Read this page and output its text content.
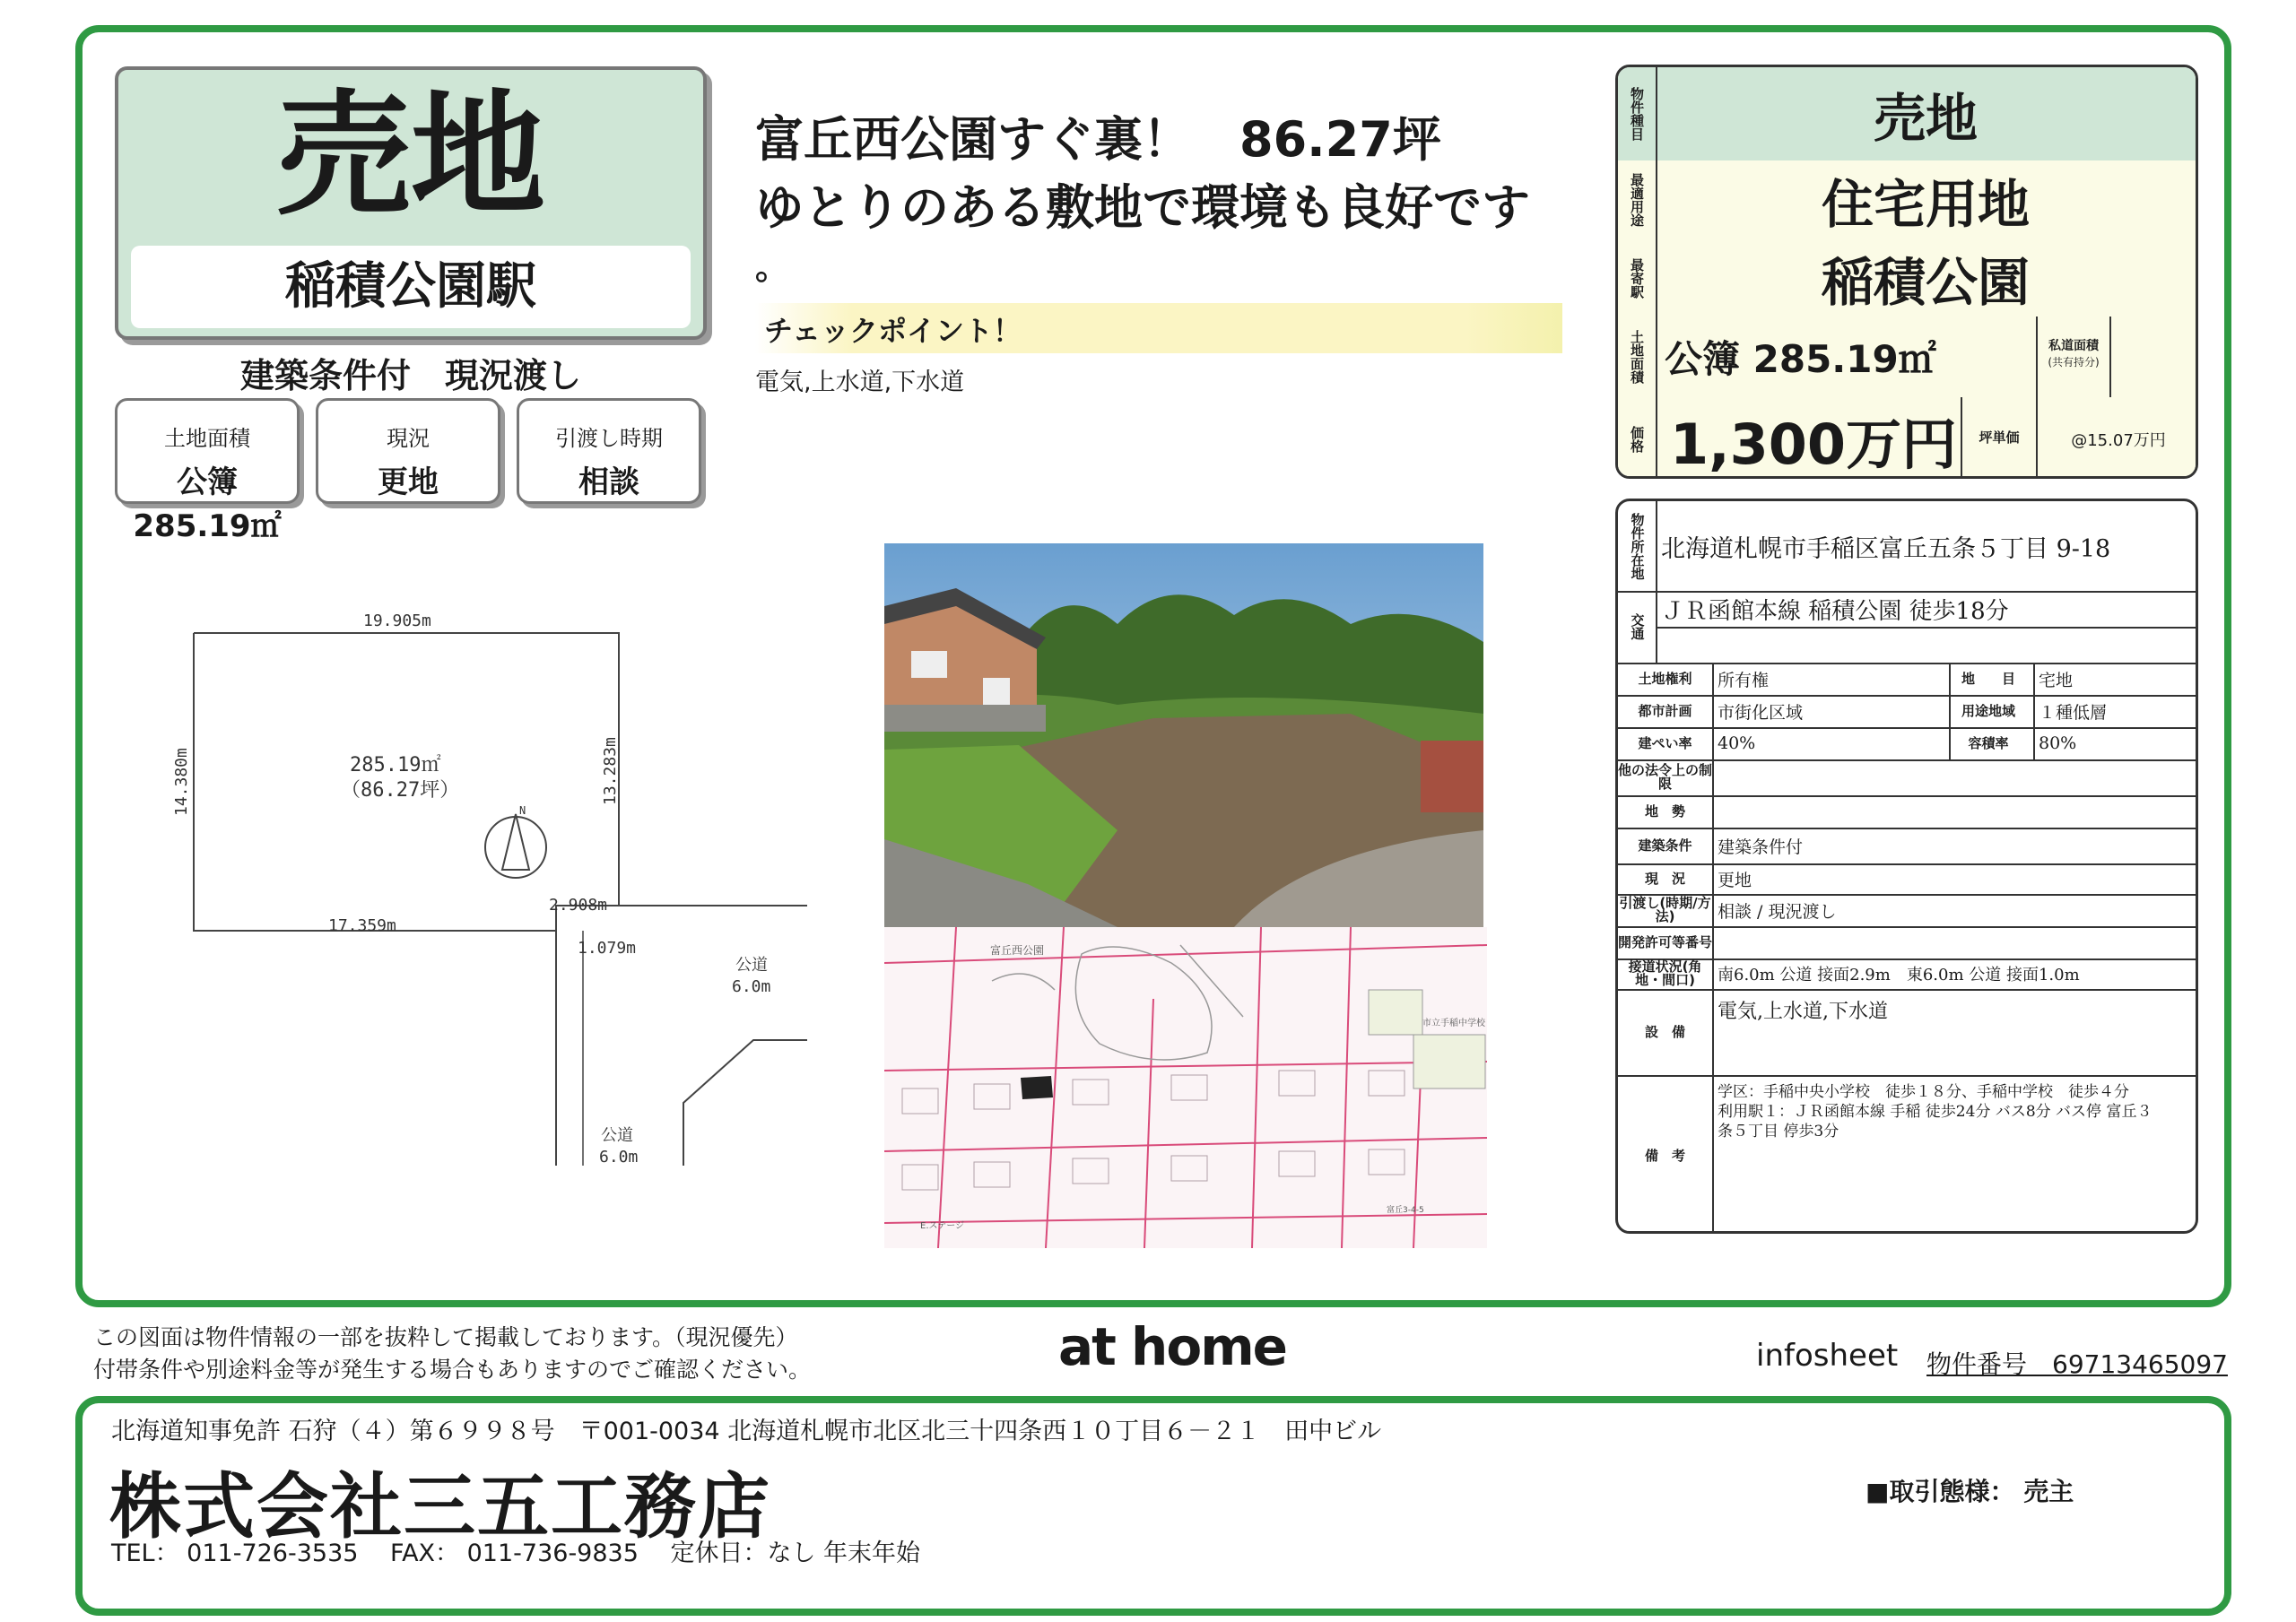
売地
稲積公園駅
建築条件付　現況渡し
土地面積
公簿 285.19㎡
現況
更地
引渡し時期
相談
富丘西公園すぐ裏！　86.27坪
ゆとりのある敷地で環境も良好です
。
チェックポイント！
電気,上水道,下水道
19.905m
14.380m	13.283m
17.359m
2.908m
1.079m
285.19㎡
（86.27坪）
N
公道
6.0m
公道
6.0m
富丘西公園
市立手稲中学校
E.ステージ
富丘3-4-5
物件種目	売地
最適用途	住宅用地
最寄駅	稲積公園
土地面積 公簿 285.19㎡	私道面積
(共有持分)
価格 1,300万円	坪単価	@15.07万円
物件所在地 北海道札幌市手稲区富丘五条５丁目 9-18
交通
ＪＲ函館本線 稲積公園 徒歩18分
土地権利	所有権	地　　目	宅地
都市計画	市街化区域	用途地域	１種低層
建ぺい率	40%	容積率	80%
他の法令上の制限
地　勢
建築条件	建築条件付
現　況	更地
引渡し(時期/方法)	相談 / 現況渡し
開発許可等番号
接道状況(角地・間口)	南6.0m 公道 接面2.9m　東6.0m 公道 接面1.0m
設　備
電気,上水道,下水道
備　考
学区：手稲中央小学校　徒歩１８分、手稲中学校　徒歩４分
利用駅１：ＪＲ函館本線 手稲 徒歩24分 バス8分 バス停 富丘３
条５丁目 停歩3分
この図面は物件情報の一部を抜粋して掲載しております。（現況優先）
付帯条件や別途料金等が発生する場合もありますのでご確認ください。	at home	infosheet 物件番号　69713465097
北海道知事免許 石狩（４）第６９９８号　〒001-0034 北海道札幌市北区北三十四条西１０丁目６－２１　田中ビル
株式会社三五工務店
TEL： 011-726-3535　 FAX： 011-736-9835　 定休日：なし 年末年始
■取引態様： 売主
